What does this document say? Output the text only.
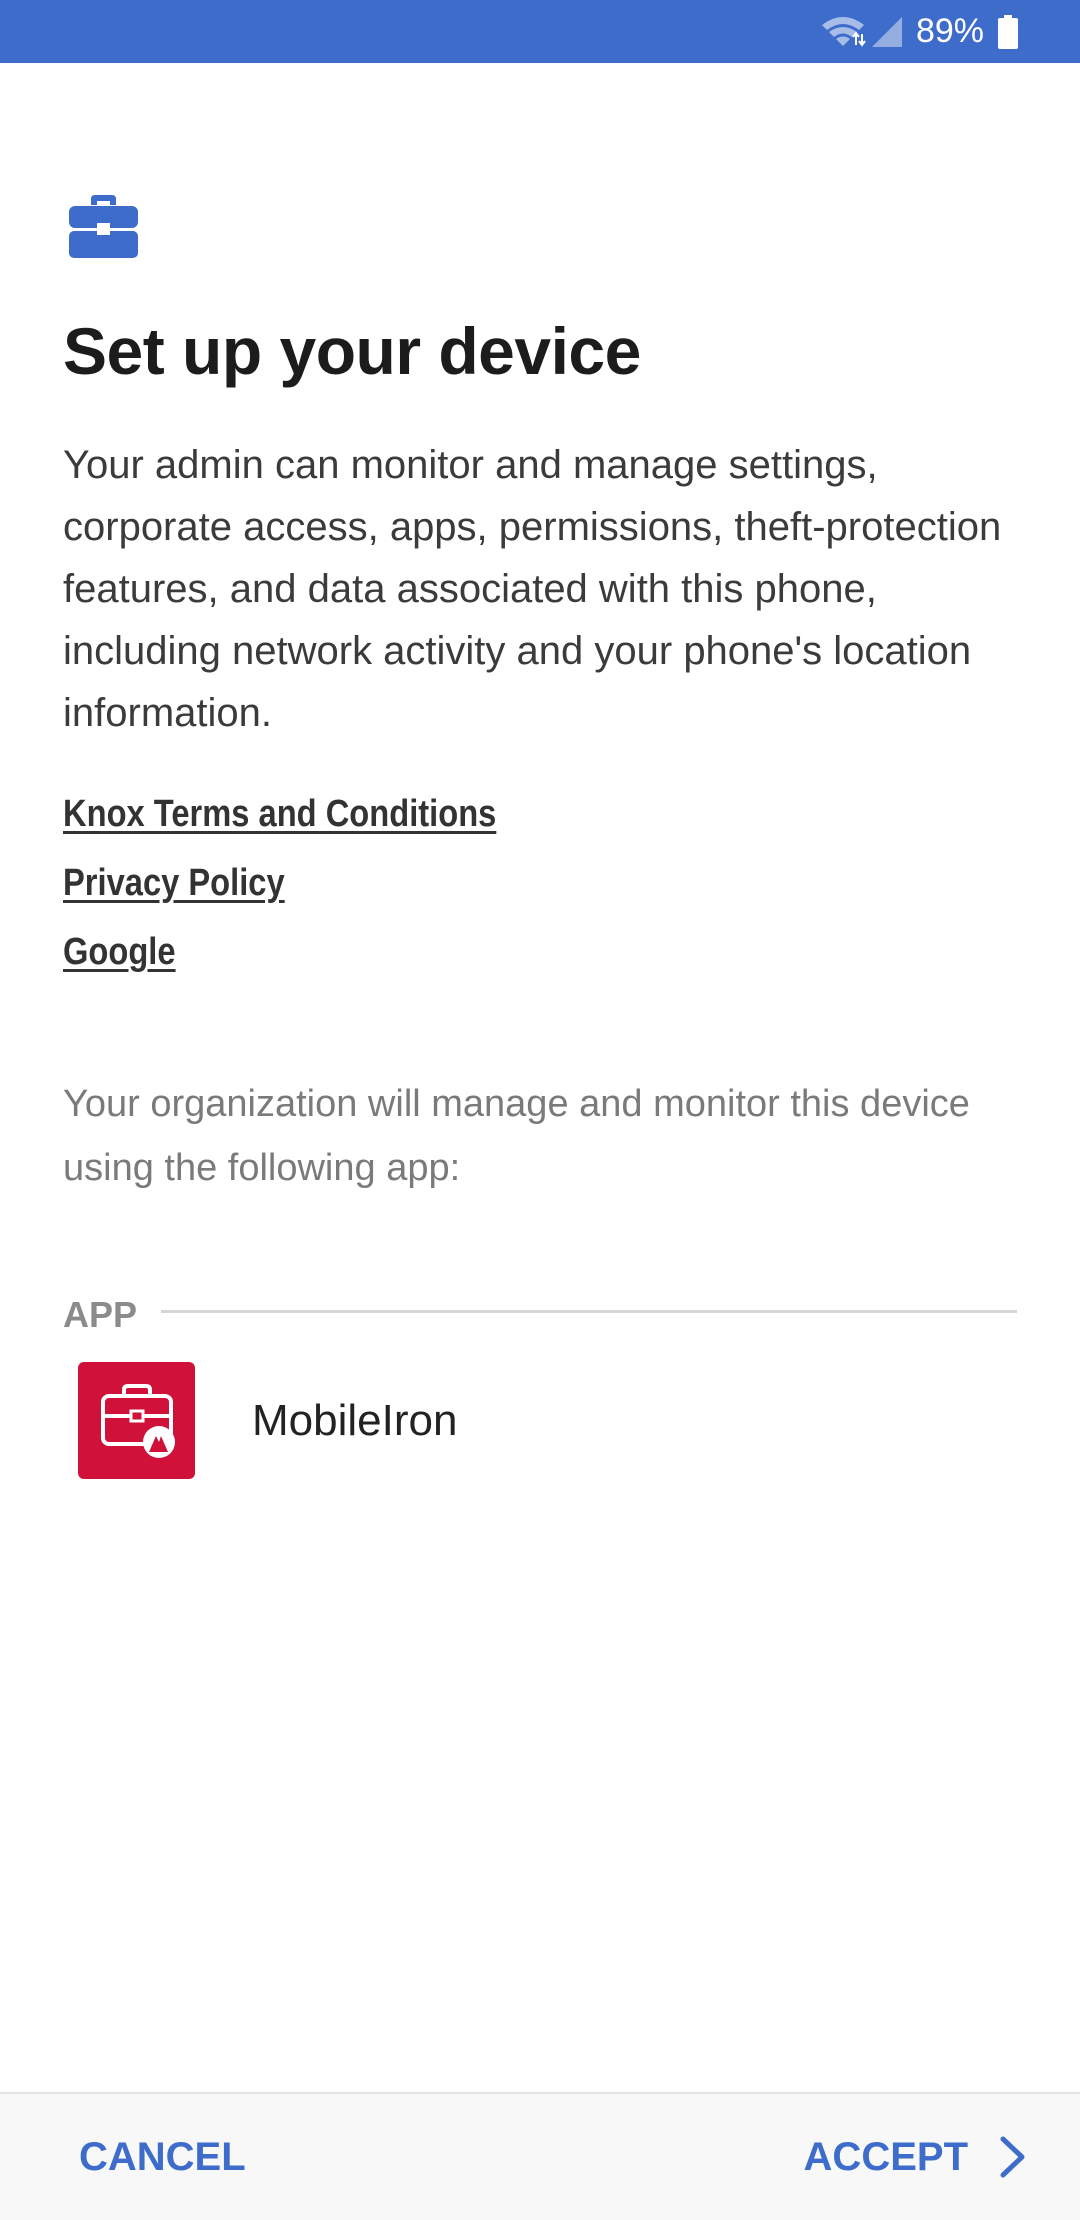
89%
Set up your device

Your admin can monitor and manage settings, corporate access, apps, permissions, theft-protection features, and data associated with this phone, including network activity and your phone's location information.

Knox Terms and Conditions
Privacy Policy
Google

Your organization will manage and monitor this device using the following app:

APP
MobileIron
CANCEL	ACCEPT
